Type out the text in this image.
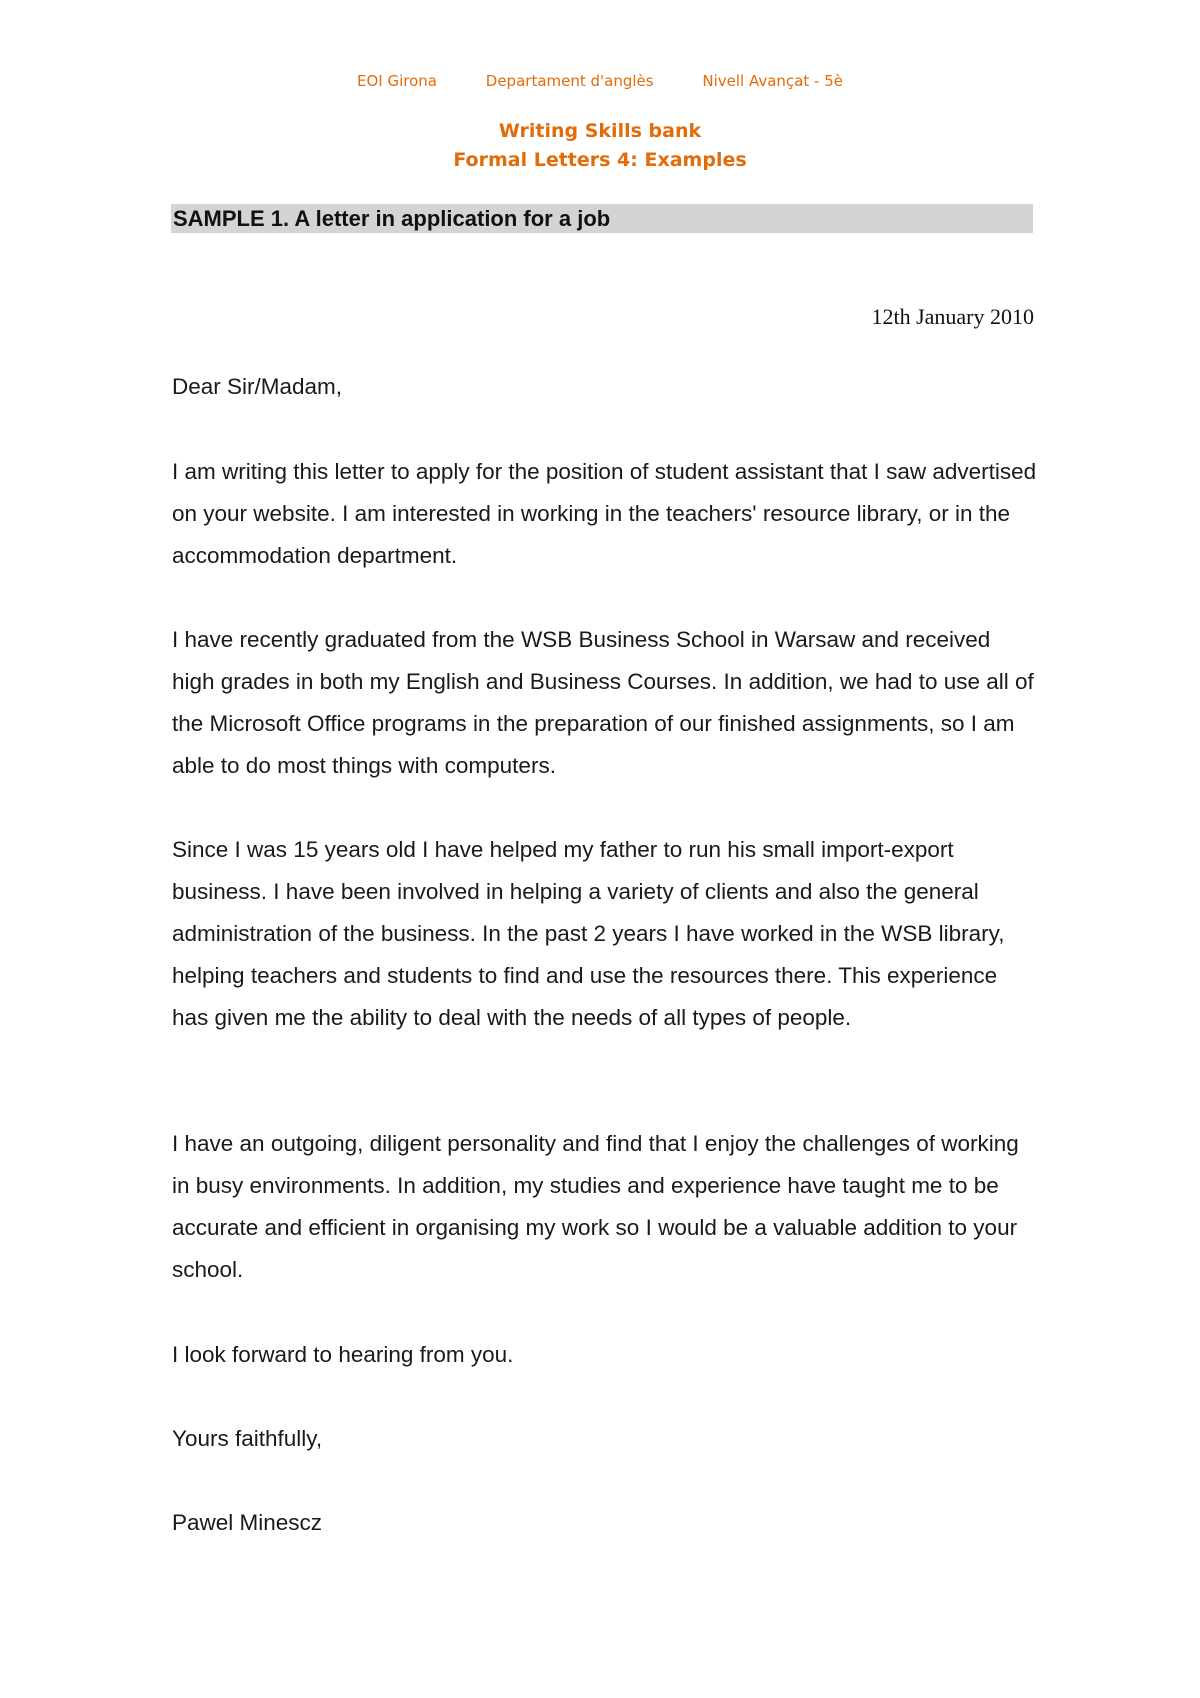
EOI Girona	Departament d'anglès	Nivell Avançat - 5è
Writing Skills bank
Formal Letters 4: Examples
SAMPLE 1. A letter in application for a job
12th January 2010

Dear Sir/Madam,

I am writing this letter to apply for the position of student assistant that I saw advertised on your website. I am interested in working in the teachers' resource library, or in the accommodation department.

I have recently graduated from the WSB Business School in Warsaw and received high grades in both my English and Business Courses. In addition, we had to use all of the Microsoft Office programs in the preparation of our finished assignments, so I am able to do most things with computers.

Since I was 15 years old I have helped my father to run his small import-export business. I have been involved in helping a variety of clients and also the general administration of the business. In the past 2 years I have worked in the WSB library, helping teachers and students to find and use the resources there. This experience has given me the ability to deal with the needs of all types of people.

I have an outgoing, diligent personality and find that I enjoy the challenges of working in busy environments. In addition, my studies and experience have taught me to be accurate and efficient in organising my work so I would be a valuable addition to your school.

I look forward to hearing from you.

Yours faithfully,

Pawel Minescz
